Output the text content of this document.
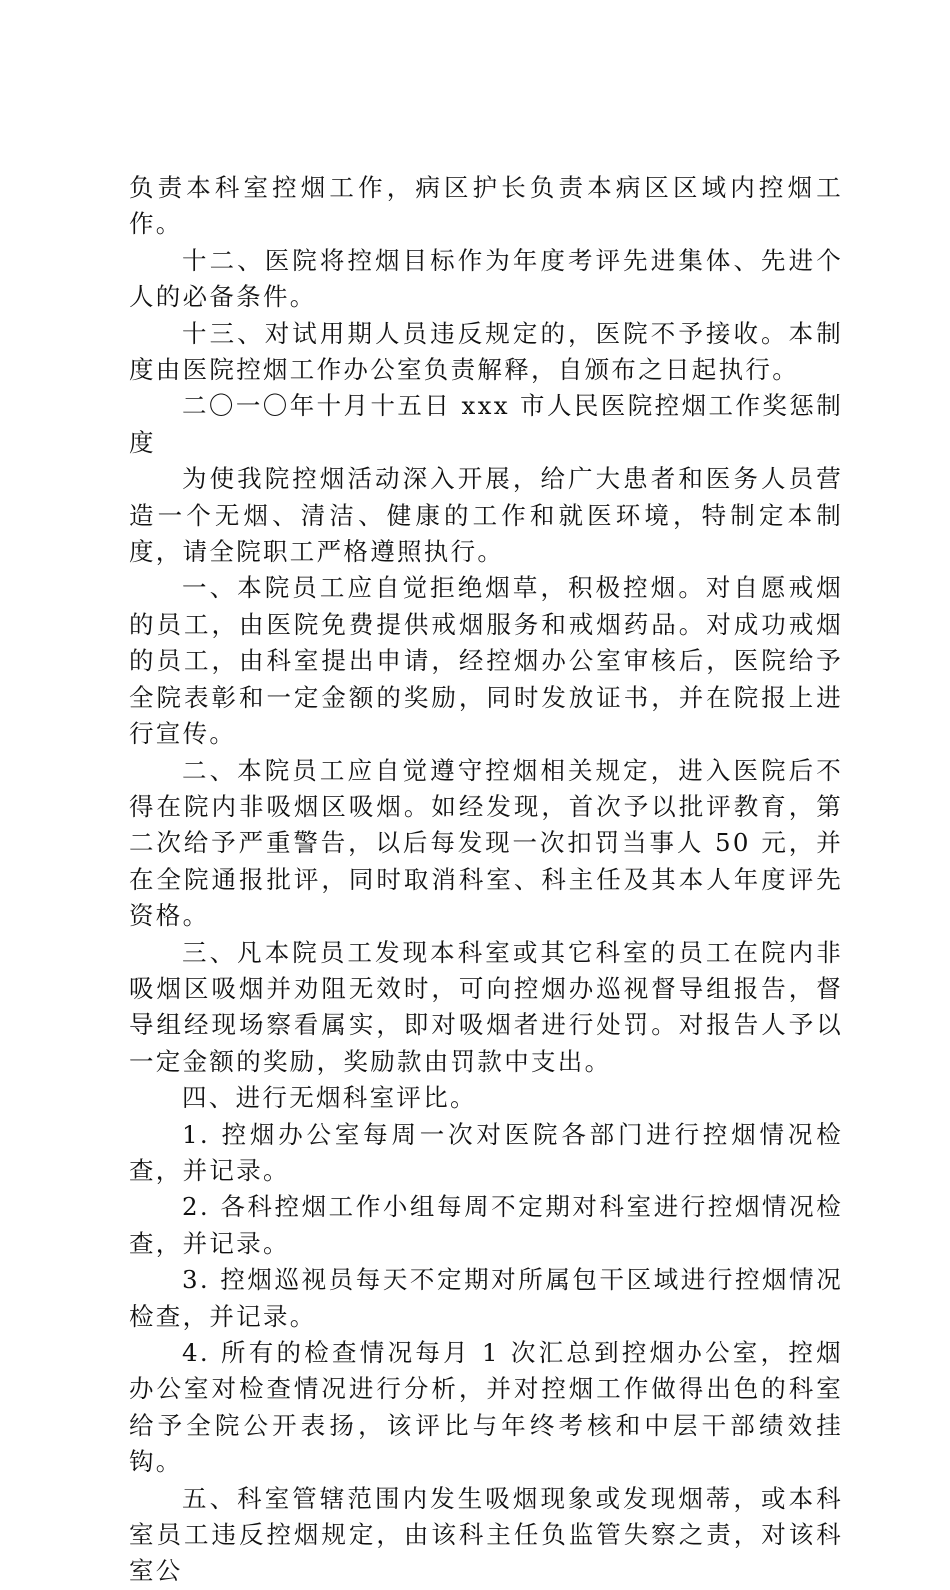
负责本科室控烟工作，病区护长负责本病区区域内控烟工作。

十二、医院将控烟目标作为年度考评先进集体、先进个人的必备条件。

十三、对试用期人员违反规定的，医院不予接收。本制度由医院控烟工作办公室负责解释，自颁布之日起执行。

二〇一〇年十月十五日 xxx 市人民医院控烟工作奖惩制度

为使我院控烟活动深入开展，给广大患者和医务人员营造一个无烟、清洁、健康的工作和就医环境，特制定本制度，请全院职工严格遵照执行。

一、本院员工应自觉拒绝烟草，积极控烟。对自愿戒烟的员工，由医院免费提供戒烟服务和戒烟药品。对成功戒烟的员工，由科室提出申请，经控烟办公室审核后，医院给予全院表彰和一定金额的奖励，同时发放证书，并在院报上进行宣传。

二、本院员工应自觉遵守控烟相关规定，进入医院后不得在院内非吸烟区吸烟。如经发现，首次予以批评教育，第二次给予严重警告，以后每发现一次扣罚当事人 50 元，并在全院通报批评，同时取消科室、科主任及其本人年度评先资格。

三、凡本院员工发现本科室或其它科室的员工在院内非吸烟区吸烟并劝阻无效时，可向控烟办巡视督导组报告，督导组经现场察看属实，即对吸烟者进行处罚。对报告人予以一定金额的奖励，奖励款由罚款中支出。

四、进行无烟科室评比。

1. 控烟办公室每周一次对医院各部门进行控烟情况检查，并记录。

2. 各科控烟工作小组每周不定期对科室进行控烟情况检查，并记录。

3. 控烟巡视员每天不定期对所属包干区域进行控烟情况检查，并记录。

4. 所有的检查情况每月 1 次汇总到控烟办公室，控烟办公室对检查情况进行分析，并对控烟工作做得出色的科室给予全院公开表扬，该评比与年终考核和中层干部绩效挂钩。

五、科室管辖范围内发生吸烟现象或发现烟蒂，或本科室员工违反控烟规定，由该科主任负监管失察之责，对该科室公
